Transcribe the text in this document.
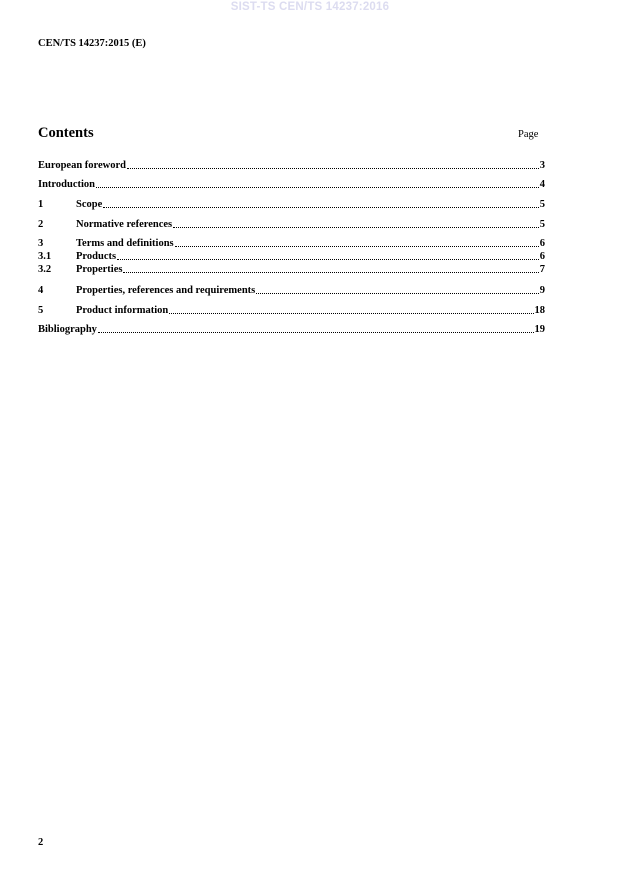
SIST-TS CEN/TS 14237:2016
CEN/TS 14237:2015 (E)
Contents	Page
European foreword	3
Introduction	4
1	Scope	5
2	Normative references	5
3	Terms and definitions	6
3.1	Products	6
3.2	Properties	7
4	Properties, references and requirements	9
5	Product information	18
Bibliography	19
2
